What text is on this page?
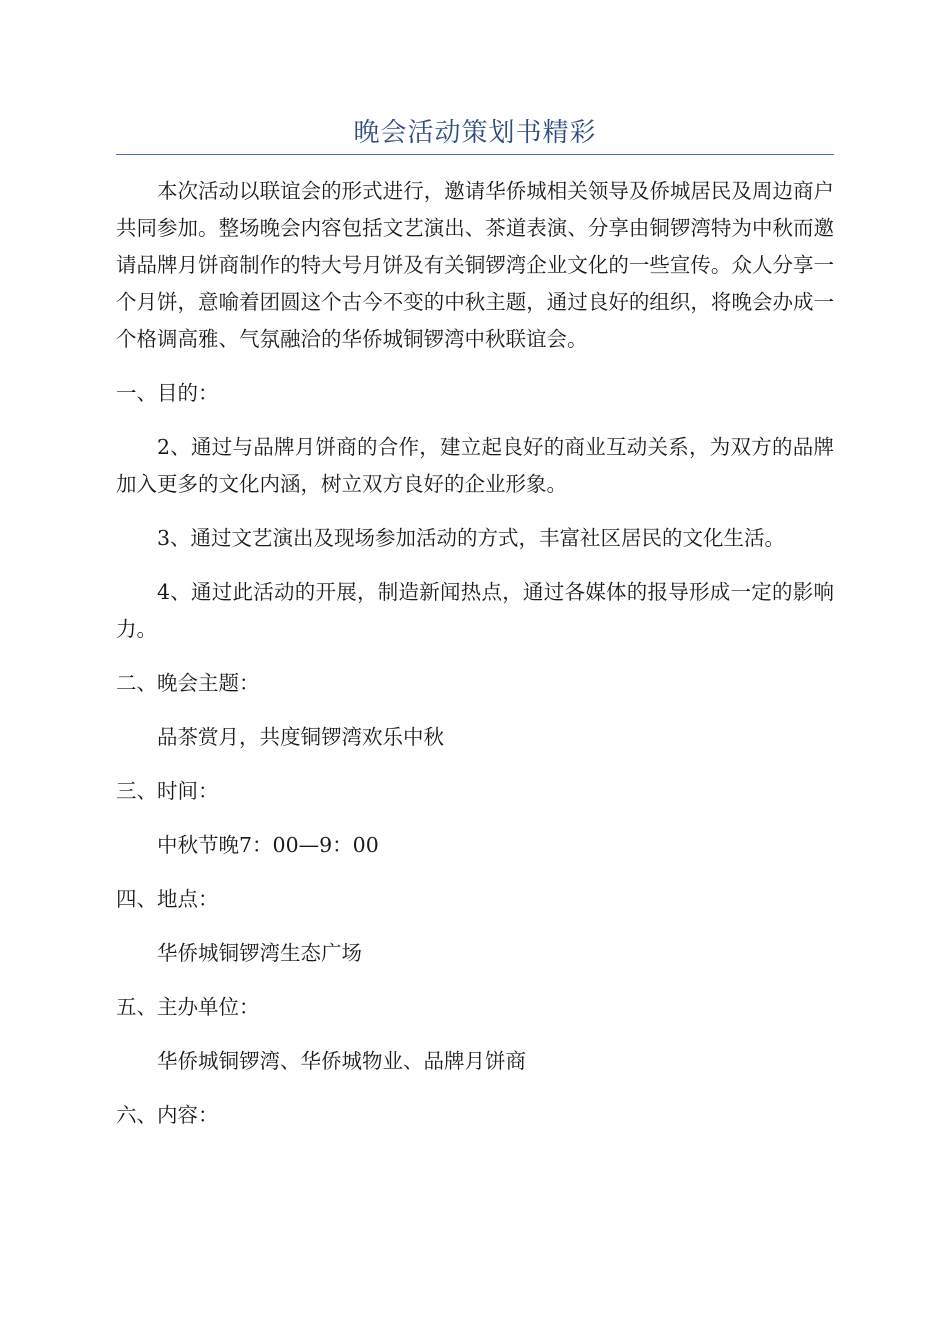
晚会活动策划书精彩

本次活动以联谊会的形式进行，邀请华侨城相关领导及侨城居民及周边商户共同参加。整场晚会内容包括文艺演出、茶道表演、分享由铜锣湾特为中秋而邀请品牌月饼商制作的特大号月饼及有关铜锣湾企业文化的一些宣传。众人分享一个月饼，意喻着团圆这个古今不变的中秋主题，通过良好的组织，将晚会办成一个格调高雅、气氛融洽的华侨城铜锣湾中秋联谊会。

一、目的：

2、通过与品牌月饼商的合作，建立起良好的商业互动关系，为双方的品牌加入更多的文化内涵，树立双方良好的企业形象。

3、通过文艺演出及现场参加活动的方式，丰富社区居民的文化生活。

4、通过此活动的开展，制造新闻热点，通过各媒体的报导形成一定的影响力。

二、晚会主题：

品茶赏月，共度铜锣湾欢乐中秋

三、时间：

中秋节晚7：00—9：00

四、地点：

华侨城铜锣湾生态广场

五、主办单位：

华侨城铜锣湾、华侨城物业、品牌月饼商

六、内容：
